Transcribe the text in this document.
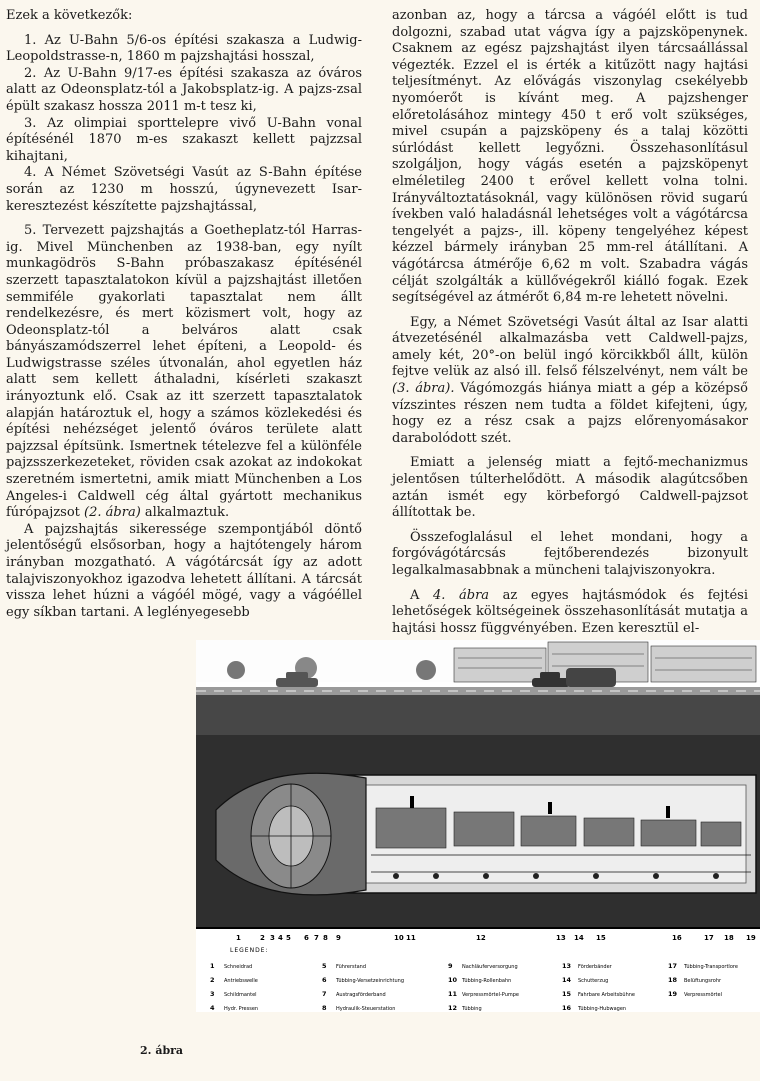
Ezek a következők:

1. Az U-Bahn 5/6-os építési szakasza a Ludwig-Leopoldstrasse-n, 1860 m pajzshajtási hosszal,

2. Az U-Bahn 9/17-es építési szakasza az óváros alatt az Odeonsplatz-tól a Jakobsplatz-ig. A pajzs-zsal épült szakasz hossza 2011 m-t tesz ki,

3. Az olimpiai sporttelepre vivő U-Bahn vonal építésénél 1870 m-es szakaszt kellett pajzzsal kihajtani,

4. A Német Szövetségi Vasút az S-Bahn építése során az 1230 m hosszú, úgynevezett Isar-keresztezést készítette pajzshajtással,

5. Tervezett pajzshajtás a Goetheplatz-tól Harras-ig. Mivel Münchenben az 1938-ban, egy nyílt munkagödrös S-Bahn próbaszakasz építésénél szerzett tapasztalatokon kívül a pajzshajtást illetően semmiféle gyakorlati tapasztalat nem állt rendelkezésre, és mert közismert volt, hogy az Odeonsplatz-tól a belváros alatt csak bányászamódszerrel lehet építeni, a Leopold- és Ludwigstrasse széles útvonalán, ahol egyetlen ház alatt sem kellett áthaladni, kísérleti szakaszt irányoztunk elő. Csak az itt szerzett tapasztalatok alapján határoztuk el, hogy a számos közlekedési és építési nehézséget jelentő óváros területe alatt pajzzsal építsünk. Ismertnek tételezve fel a különféle pajzsszerkezeteket, röviden csak azokat az indokokat szeretném ismertetni, amik miatt Münchenben a Los Angeles-i Caldwell cég által gyártott mechanikus fúrópajzsot (2. ábra) alkalmaztuk.

A pajzshajtás sikeressége szempontjából döntő jelentőségű elsősorban, hogy a hajtótengely három irányban mozgatható. A vágótárcsát így az adott talajviszonyokhoz igazodva lehetett állítani. A tárcsát vissza lehet húzni a vágóél mögé, vagy a vágóéllel egy síkban tartani. A leglényegesebb

azonban az, hogy a tárcsa a vágóél előtt is tud dolgozni, szabad utat vágva így a pajzsköpenynek. Csaknem az egész pajzshajtást ilyen tárcsaállással végezték. Ezzel el is érték a kitűzött nagy hajtási teljesítményt. Az elővágás viszonylag csekélyebb nyomóerőt is kívánt meg. A pajzshenger előretolásához mintegy 450 t erő volt szükséges, mivel csupán a pajzsköpeny és a talaj közötti súrlódást kellett legyőzni. Összehasonlításul szolgáljon, hogy vágás esetén a pajzsköpenyt elméletileg 2400 t erővel kellett volna tolni. Irányváltoztatásoknál, vagy különösen rövid sugarú ívekben való haladásnál lehetséges volt a vágótárcsa tengelyét a pajzs-, ill. köpeny tengelyéhez képest kézzel bármely irányban 25 mm-rel átállítani. A vágótárcsa átmérője 6,62 m volt. Szabadra vágás célját szolgálták a küllővégekről kiálló fogak. Ezek segítségével az átmérőt 6,84 m-re lehetett növelni.

Egy, a Német Szövetségi Vasút által az Isar alatti átvezetésénél alkalmazásba vett Caldwell-pajzs, amely két, 20°-on belül ingó körcikkből állt, külön fejtve velük az alsó ill. felső félszelvényt, nem vált be (3. ábra). Vágómozgás hiánya miatt a gép a középső vízszintes részen nem tudta a földet kifejteni, úgy, hogy ez a rész csak a pajzs előrenyomásakor darabolódott szét.

Emiatt a jelenség miatt a fejtő-mechanizmus jelentősen túlterhelődött. A második alagútcsőben aztán ismét egy körbeforgó Caldwell-pajzsot állítottak be.

Összefoglalásul el lehet mondani, hogy a forgóvágótárcsás fejtőberendezés bizonyult legalkalmasabbnak a müncheni talajviszonyokra.

A 4. ábra az egyes hajtásmódok és fejtési lehetőségek költségeinek összehasonlítását mutatja a hajtási hossz függvényében. Ezen keresztül el-

1	2 3 4 5 6 7 8 9	10 11	12	13 14 15	16	17 18 19
LEGENDE:
1 Schneidrad
2 Antriebswelle
3 Schildmantel
4 Hydr. Pressen
5 Führerstand
6 Tübbing-Versetzeinrichtung
7 Austragsförderband
8 Hydraulik-Steuerstation
9 Nachläuferversorgung
10 Tübbing-Rollenbahn
11 Verpressmörtel-Pumpe
12 Tübbing
13 Förderbänder
14 Schutterzug
15 Fahrbare Arbeitsbühne
16 Tübbing-Hubwagen
17 Tübbing-Transportlore
18 Belüftungsrohr
19 Verpressmörtel
2. ábra
